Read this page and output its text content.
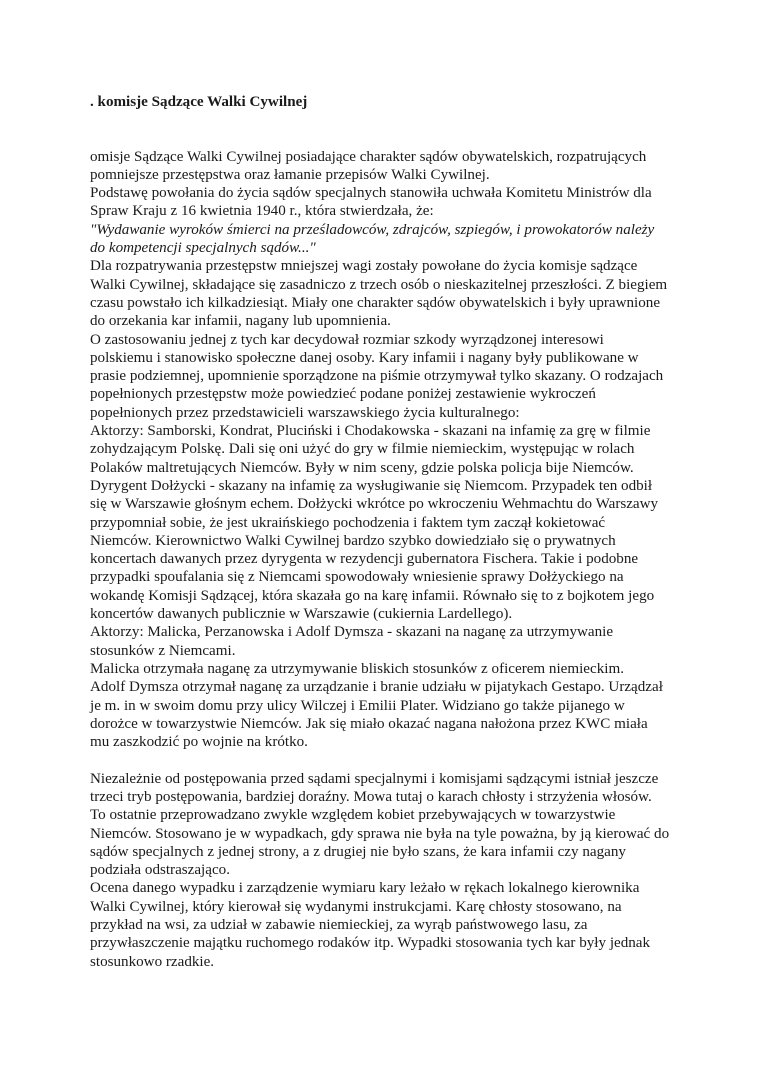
. komisje Sądzące Walki Cywilnej

omisje Sądzące Walki Cywilnej posiadające charakter sądów obywatelskich, rozpatrujących pomniejsze przestępstwa oraz łamanie przepisów Walki Cywilnej.

Podstawę powołania do życia sądów specjalnych stanowiła uchwała Komitetu Ministrów dla Spraw Kraju z 16 kwietnia 1940 r., która stwierdzała, że:

"Wydawanie wyroków śmierci na prześladowców, zdrajców, szpiegów, i prowokatorów należy do kompetencji specjalnych sądów..."

Dla rozpatrywania przestępstw mniejszej wagi zostały powołane do życia komisje sądzące Walki Cywilnej, składające się zasadniczo z trzech osób o nieskazitelnej przeszłości. Z biegiem czasu powstało ich kilkadziesiąt. Miały one charakter sądów obywatelskich i były uprawnione do orzekania kar infamii, nagany lub upomnienia.

O zastosowaniu jednej z tych kar decydował rozmiar szkody wyrządzonej interesowi polskiemu i stanowisko społeczne danej osoby. Kary infamii i nagany były publikowane w prasie podziemnej, upomnienie sporządzone na piśmie otrzymywał tylko skazany. O rodzajach popełnionych przestępstw może powiedzieć podane poniżej zestawienie wykroczeń popełnionych przez przedstawicieli warszawskiego życia kulturalnego:

Aktorzy: Samborski, Kondrat, Pluciński i Chodakowska - skazani na infamię za grę w filmie zohydzającym Polskę. Dali się oni użyć do gry w filmie niemieckim, występując w rolach Polaków maltretujących Niemców. Były w nim sceny, gdzie polska policja bije Niemców.

Dyrygent Dołżycki - skazany na infamię za wysługiwanie się Niemcom. Przypadek ten odbił się w Warszawie głośnym echem. Dołżycki wkrótce po wkroczeniu Wehmachtu do Warszawy przypomniał sobie, że jest ukraińskiego pochodzenia i faktem tym zaczął kokietować Niemców. Kierownictwo Walki Cywilnej bardzo szybko dowiedziało się o prywatnych koncertach dawanych przez dyrygenta w rezydencji gubernatora Fischera. Takie i podobne przypadki spoufalania się z Niemcami spowodowały wniesienie sprawy Dołżyckiego na wokandę Komisji Sądzącej, która skazała go na karę infamii. Równało się to z bojkotem jego koncertów dawanych publicznie w Warszawie (cukiernia Lardellego).

Aktorzy: Malicka, Perzanowska i Adolf Dymsza - skazani na naganę za utrzymywanie stosunków z Niemcami.

Malicka otrzymała naganę za utrzymywanie bliskich stosunków z oficerem niemieckim.

Adolf Dymsza otrzymał naganę za urządzanie i branie udziału w pijatykach Gestapo. Urządzał je m. in w swoim domu przy ulicy Wilczej i Emilii Plater. Widziano go także pijanego w dorożce w towarzystwie Niemców. Jak się miało okazać nagana nałożona przez KWC miała mu zaszkodzić po wojnie na krótko.

Niezależnie od postępowania przed sądami specjalnymi i komisjami sądzącymi istniał jeszcze trzeci tryb postępowania, bardziej doraźny. Mowa tutaj o karach chłosty i strzyżenia włosów. To ostatnie przeprowadzano zwykle względem kobiet przebywających w towarzystwie Niemców. Stosowano je w wypadkach, gdy sprawa nie była na tyle poważna, by ją kierować do sądów specjalnych z jednej strony, a z drugiej nie było szans, że kara infamii czy nagany podziała odstraszająco.

Ocena danego wypadku i zarządzenie wymiaru kary leżało w rękach lokalnego kierownika Walki Cywilnej, który kierował się wydanymi instrukcjami. Karę chłosty stosowano, na przykład na wsi, za udział w zabawie niemieckiej, za wyrąb państwowego lasu, za przywłaszczenie majątku ruchomego rodaków itp. Wypadki stosowania tych kar były jednak stosunkowo rzadkie.
